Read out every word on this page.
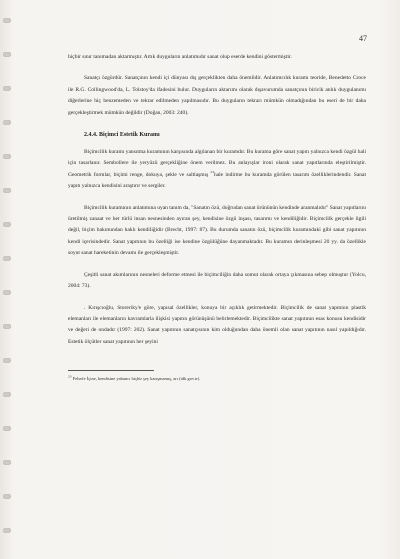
47

hiçbir sınır tanımadan aktarmıştır. Artık duyguların anlatımıdır sanat olup eserde kendini göstermiştir.

Sanatçı özgürdür. Sanatçının kendi içi dünyası dış gerçeklikten daha önemlidir. Anlatımcılık kuramı teoride, Benedetto Croce ile R.G. Collingwood'da, L. Tolstoy'da ifadesini bulur. Duyguların aktarımı olarak dışavurumda sanatçının biricik anlık duygulanımı diğerlerine hiç benzemeden ve tekrar edilmeden yapılmasıdır. Bu duyguların tekrarı mümkün olmadığından bu eseri de bir daha gerçekleştirmek mümkün değildir (Doğan, 2003: 240).

2.4.4. Biçimci Estetik Kuramı

Biçimcilik kuramı yansıtma kuramının karşısında algılanan bir kuramdır. Bu kurama göre sanat yapıtı yalnızca kendi özgül hali için tasarlanır. Sembollere ile yeryüzü gerçekliğine önem verilmez. Bu anlayışlar ironi olarak sanat yapıtlarında eleştirilmiştir. Geometrik formlar, biçimi renge, dokuya, şekle ve saltlaşmış $^{23}$hale indirme bu kuramda görülen tasarım özelliklerindendir. Sanat yapıtı yalnızca kendisini araştırır ve sergiler.

Biçimcilik kuramının anlatımına uyan tanım da, "Sanatın özü, doğrudan sanat ürününün kendinde aranmalıdır" Sanat yapıtlarını üretilmiş zanaat ve her türlü insan nesnesinden ayıran şey, kendisine özgü inşası, tasarımı ve kendiliğidir. Biçimcilik gerçekle ilgili değil, biçim bakımından haklı kendiliğidir (Brecht, 1997: 87). Bu durumda sanatın özü, biçimcilik kuramındaki gibi sanat yapıtının kendi içerisindedir. Sanat yapıtının bu özelliği ise kendine özgülüğüne dayanmaktadır. Bu kuramın derinleşmesi 20 yy. da özellikle soyut sanat hareketinin devamı ile gerçekleşmiştir.

Çeşitli sanat akımlarının nesneleri deforme etmesi ile biçimciliğin daha somut olarak ortaya çıkmasına sebep olmuştur (Yolcu, 2004: 73).

. Kırışcıoğlu, Storeriky'e göre, yapısal özellikler, konuya bir açıklık getirmektedir. Biçimcilik de sanat yapıtının plastik elemanları ile elemanların kavramlarla ilişkisi yapıtın görünüşünü belirlemektedir. Biçimcilikte sanat yapıtının esas konusu kendisidir ve değeri de ondadır (1997: 202). Sanat yapıtının sanatçısının kim olduğundan daha önemli olan sanat yapıtının nasıl yapıldığıdır. Estetik ölçütler sanat yapıtının her şeyini

$^{23}$ Felsefe İçine, kendisine yabancı hiçbir şey karışmamış, arı (tdk.gov.tr).
